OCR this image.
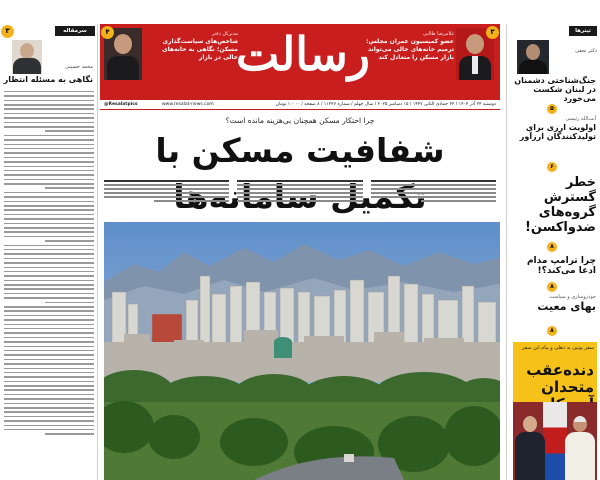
غلامرضا طالبی
عضو کمیسیون عمران مجلس: ترمیم خانه‌های خالی می‌تواند بازار مسکن را متعادل کند
رسالت
مدیرکل دفتر
شاخص‌های سیاست‌گذاری مسکن؛ نگاهی به خانه‌های خالی در بازار
۳
۴
دوشنبه ۲۴ آذر ۱۴۰۴ / ۲۴ جمادی الثانی ۱۴۴۷ / ۱۵ دسامبر ۲۰۲۵ / سال چهلم / شماره ۱۱۲۴۷ / ۸ صفحه / ۱۰۰۰۰ تومان
www.resalat-news.com
@Resalatpics
چرا احتکار مسکن همچنان بی‌هزینه مانده است؟
شفافیت مسکن با
سرمقاله
۳
محمد حسینی
نگاهی به مسئله انتظار
تیترها
دکتر نجفی
جنگ‌شناختی دشمنان در لبنان شکست می‌خورد
۵
آیت‌الله رئیسی
اولویت ارزی برای تولیدکنندگان ارزآور
۶
خطر گسترش گروه‌های ضدواکسن!
۸
چرا ترامپ مدام ادعا می‌کند؟!
۸
خودروسازی و سیاست
بهای معیت
۸
سفر پوتین به دهلی و پیام این سفر
دنده‌عقب متحدان
